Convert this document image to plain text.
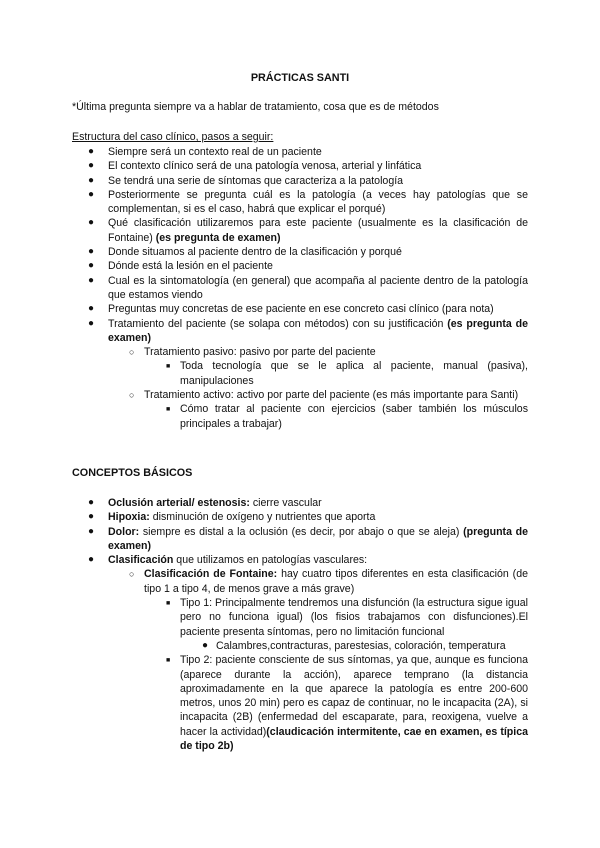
PRÁCTICAS SANTI
*Última pregunta siempre va a hablar de tratamiento, cosa que es de métodos
Estructura del caso clínico, pasos a seguir:
● Siempre será un contexto real de un paciente
● El contexto clínico será de una patología venosa, arterial y linfática
● Se tendrá una serie de síntomas que caracteriza a la patología
● Posteriormente se pregunta cuál es la patología (a veces hay patologías que se complementan, si es el caso, habrá que explicar el porqué)
● Qué clasificación utilizaremos para este paciente (usualmente es la clasificación de Fontaine) (es pregunta de examen)
● Donde situamos al paciente dentro de la clasificación y porqué
● Dónde está la lesión en el paciente
● Cual es la sintomatología (en general) que acompaña al paciente dentro de la patología que estamos viendo
● Preguntas muy concretas de ese paciente en ese concreto casi clínico (para nota)
● Tratamiento del paciente (se solapa con métodos) con su justificación (es pregunta de examen)
○ Tratamiento pasivo: pasivo por parte del paciente
■ Toda tecnología que se le aplica al paciente, manual (pasiva), manipulaciones
○ Tratamiento activo: activo por parte del paciente (es más importante para Santi)
■ Cómo tratar al paciente con ejercicios (saber también los músculos principales a trabajar)
CONCEPTOS BÁSICOS
● Oclusión arterial/ estenosis: cierre vascular
● Hipoxia: disminución de oxígeno y nutrientes que aporta
● Dolor: siempre es distal a la oclusión (es decir, por abajo o que se aleja) (pregunta de examen)
● Clasificación que utilizamos en patologías vasculares:
○ Clasificación de Fontaine: hay cuatro tipos diferentes en esta clasificación (de tipo 1 a tipo 4, de menos grave a más grave)
■ Tipo 1: Principalmente tendremos una disfunción (la estructura sigue igual pero no funciona igual) (los fisios trabajamos con disfunciones).El paciente presenta síntomas, pero no limitación funcional
● Calambres,contracturas, parestesias, coloración, temperatura
■ Tipo 2: paciente consciente de sus síntomas, ya que, aunque es funciona (aparece durante la acción), aparece temprano (la distancia aproximadamente en la que aparece la patología es entre 200-600 metros, unos 20 min) pero es capaz de continuar, no le incapacita (2A), si incapacita (2B) (enfermedad del escaparate, para, reoxigena, vuelve a hacer la actividad)(claudicación intermitente, cae en examen, es típica de tipo 2b)
